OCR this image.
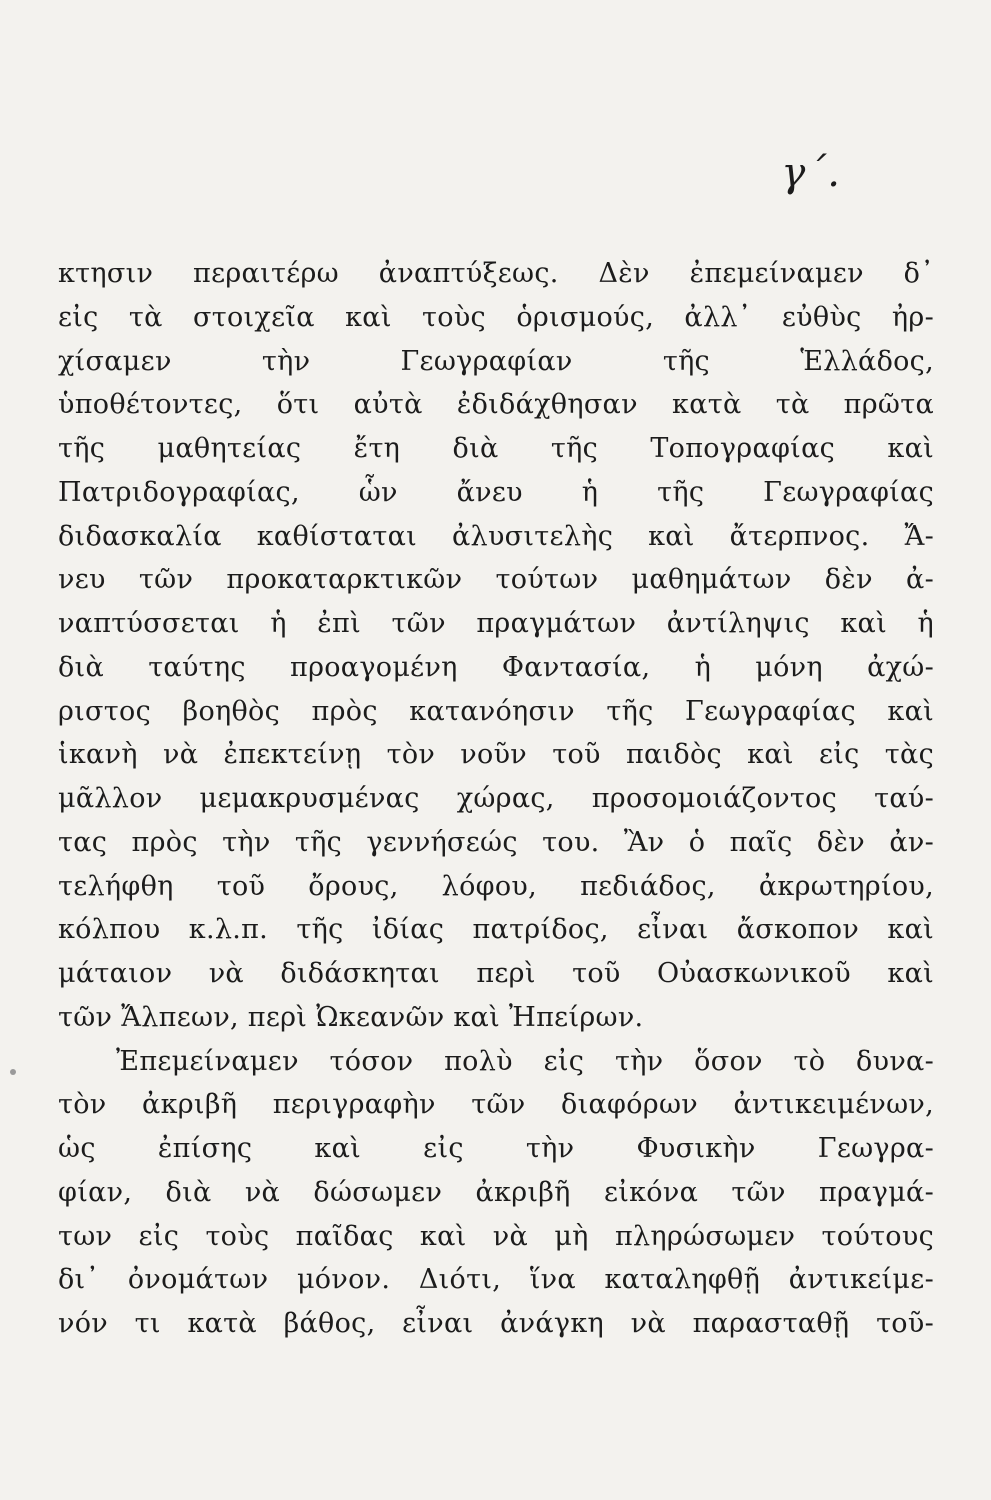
γ΄.
κτησιν περαιτέρω ἀναπτύξεως. Δὲν ἐπεμείναμεν δ᾽
εἰς τὰ στοιχεῖα καὶ τοὺς ὁρισμούς, ἀλλ᾽ εὐθὺς ἠρ-
χίσαμεν τὴν Γεωγραφίαν τῆς Ἑλλάδος,
ὑποθέτοντες, ὅτι αὐτὰ ἐδιδάχθησαν κατὰ τὰ πρῶτα
τῆς μαθητείας ἔτη διὰ τῆς Τοπογραφίας καὶ
Πατριδογραφίας, ὧν ἄνευ ἡ τῆς Γεωγραφίας
διδασκαλία καθίσταται ἀλυσιτελὴς καὶ ἄτερπνος. Ἄ-
νευ τῶν προκαταρκτικῶν τούτων μαθημάτων δὲν ἀ-
ναπτύσσεται ἡ ἐπὶ τῶν πραγμάτων ἀντίληψις καὶ ἡ
διὰ ταύτης προαγομένη Φαντασία, ἡ μόνη ἀχώ-
ριστος βοηθὸς πρὸς κατανόησιν τῆς Γεωγραφίας καὶ
ἱκανὴ νὰ ἐπεκτείνῃ τὸν νοῦν τοῦ παιδὸς καὶ εἰς τὰς
μᾶλλον μεμακρυσμένας χώρας, προσομοιάζοντος ταύ-
τας πρὸς τὴν τῆς γεννήσεώς του. Ἂν ὁ παῖς δὲν ἀν-
τελήφθη τοῦ ὄρους, λόφου, πεδιάδος, ἀκρωτηρίου,
κόλπου κ.λ.π. τῆς ἰδίας πατρίδος, εἶναι ἄσκοπον καὶ
μάταιον νὰ διδάσκηται περὶ τοῦ Οὐασκωνικοῦ καὶ
τῶν Ἄλπεων, περὶ Ὠκεανῶν καὶ Ἠπείρων.
Ἐπεμείναμεν τόσον πολὺ εἰς τὴν ὅσον τὸ δυνα-
τὸν ἀκριβῆ περιγραφὴν τῶν διαφόρων ἀντικειμένων,
ὡς ἐπίσης καὶ εἰς τὴν Φυσικὴν Γεωγρα-
φίαν, διὰ νὰ δώσωμεν ἀκριβῆ εἰκόνα τῶν πραγμά-
των εἰς τοὺς παῖδας καὶ νὰ μὴ πληρώσωμεν τούτους
δι᾽ ὀνομάτων μόνον. Διότι, ἵνα καταληφθῇ ἀντικείμε-
νόν τι κατὰ βάθος, εἶναι ἀνάγκη νὰ παρασταθῇ τοῦ-
